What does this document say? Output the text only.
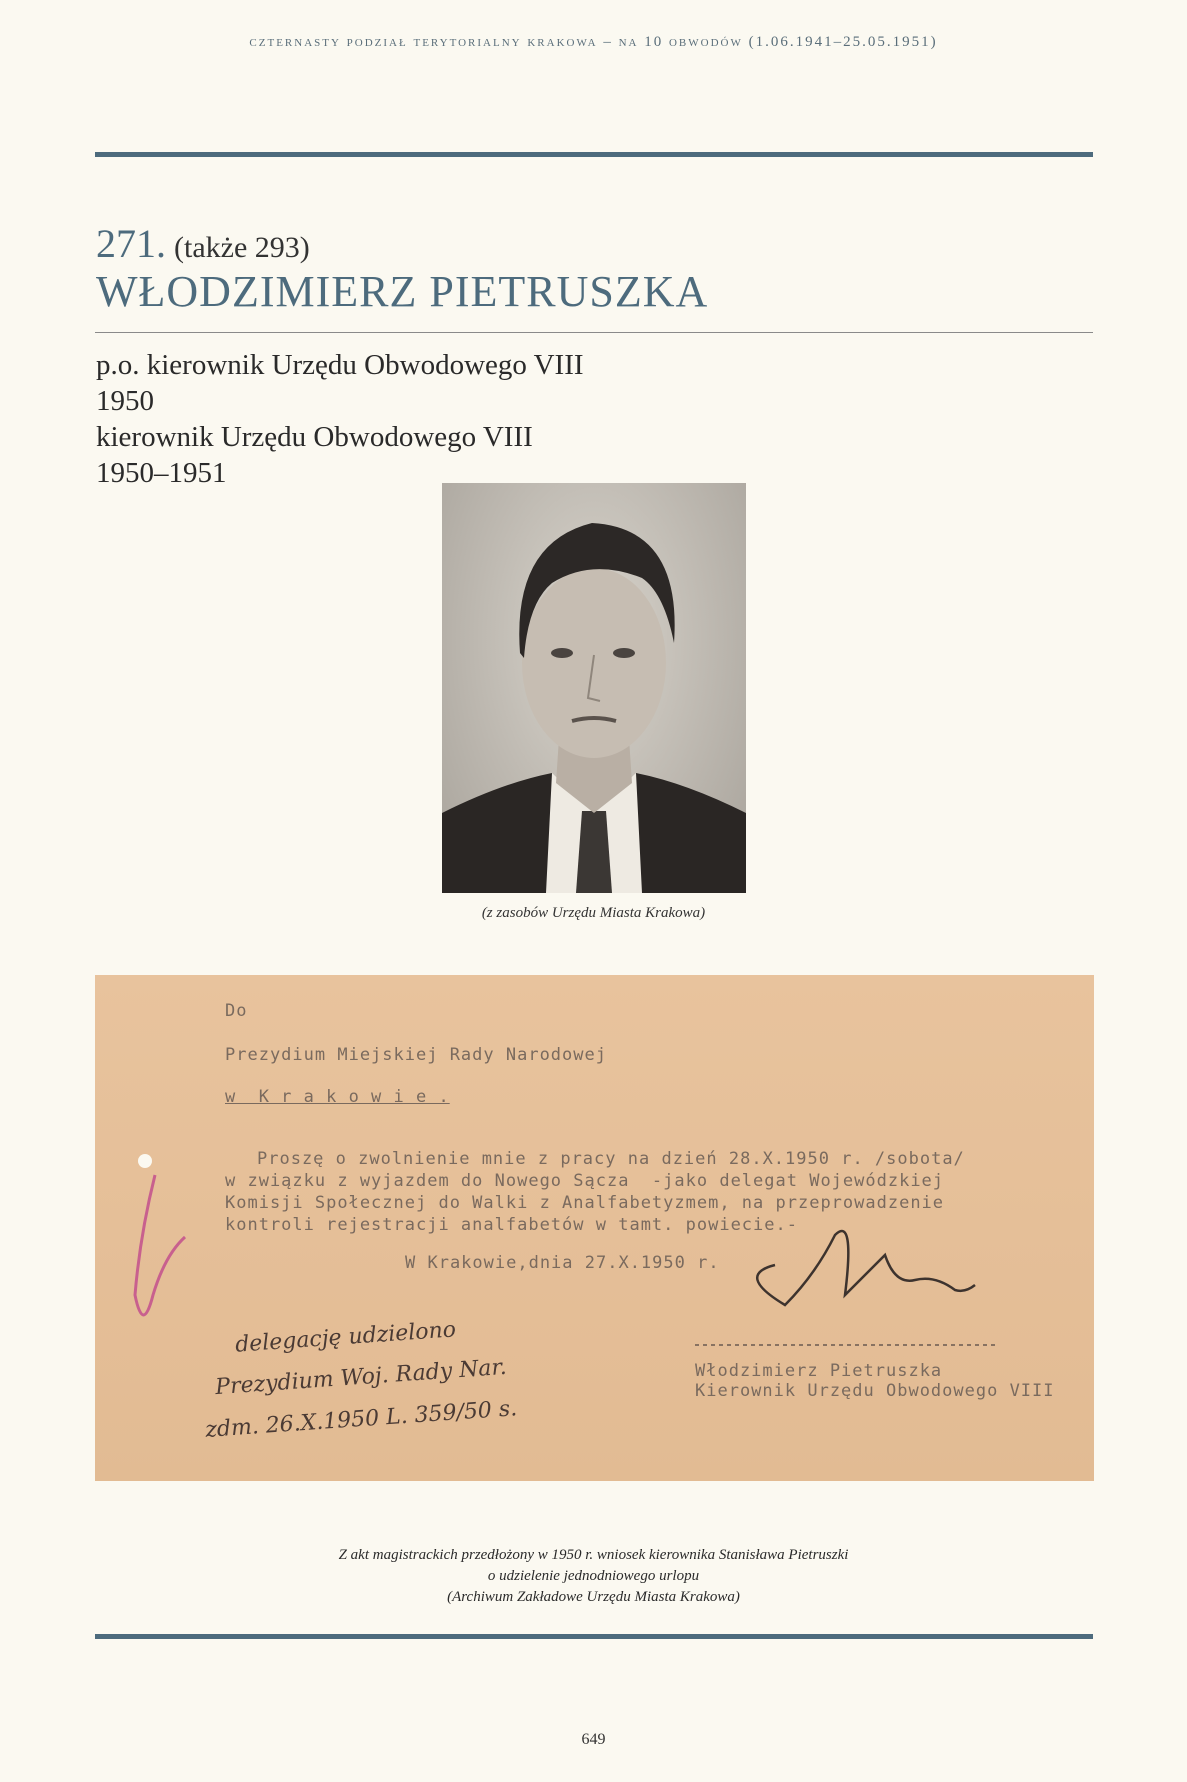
czternasty podział terytorialny krakowa – na 10 obwodów (1.06.1941–25.05.1951)
271. (także 293)
WŁODZIMIERZ PIETRUSZKA
p.o. kierownik Urzędu Obwodowego VIII
1950
kierownik Urzędu Obwodowego VIII
1950–1951
(z zasobów Urzędu Miasta Krakowa)
Do
Prezydium Miejskiej Rady Narodowej
w  K r a k o w i e .
Proszę o zwolnienie mnie z pracy na dzień 28.X.1950 r. /sobota/
w związku z wyjazdem do Nowego Sącza  -jako delegat Wojewódzkiej
Komisji Społecznej do Walki z Analfabetyzmem, na przeprowadzenie
kontroli rejestracji analfabetów w tamt. powiecie.-
W Krakowie,dnia 27.X.1950 r.
Włodzimierz Pietruszka
Kierownik Urzędu Obwodowego VIII
delegację udzielono
Prezydium Woj. Rady Nar.
zdm. 26.X.1950 L. 359/50 s.
Z akt magistrackich przedłożony w 1950 r. wniosek kierownika Stanisława Pietruszki
o udzielenie jednodniowego urlopu
(Archiwum Zakładowe Urzędu Miasta Krakowa)
649
